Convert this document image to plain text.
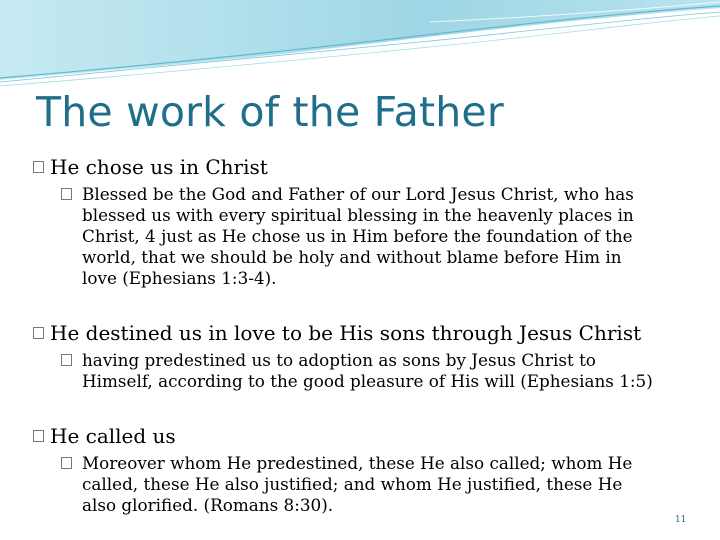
The work of the Father
He chose us in Christ
Blessed be the God and Father of our Lord Jesus Christ, who has
blessed us with every spiritual blessing in the heavenly places in
Christ, 4 just as He chose us in Him before the foundation of the
world, that we should be holy and without blame before Him in
love (Ephesians 1:3-4).
He destined us in love to be His sons through Jesus Christ
having predestined us to adoption as sons by Jesus Christ to
Himself, according to the good pleasure of His will (Ephesians 1:5)
He called us
Moreover whom He predestined, these He also called; whom He
called, these He also justified; and whom He justified, these He
also glorified. (Romans 8:30).
11
